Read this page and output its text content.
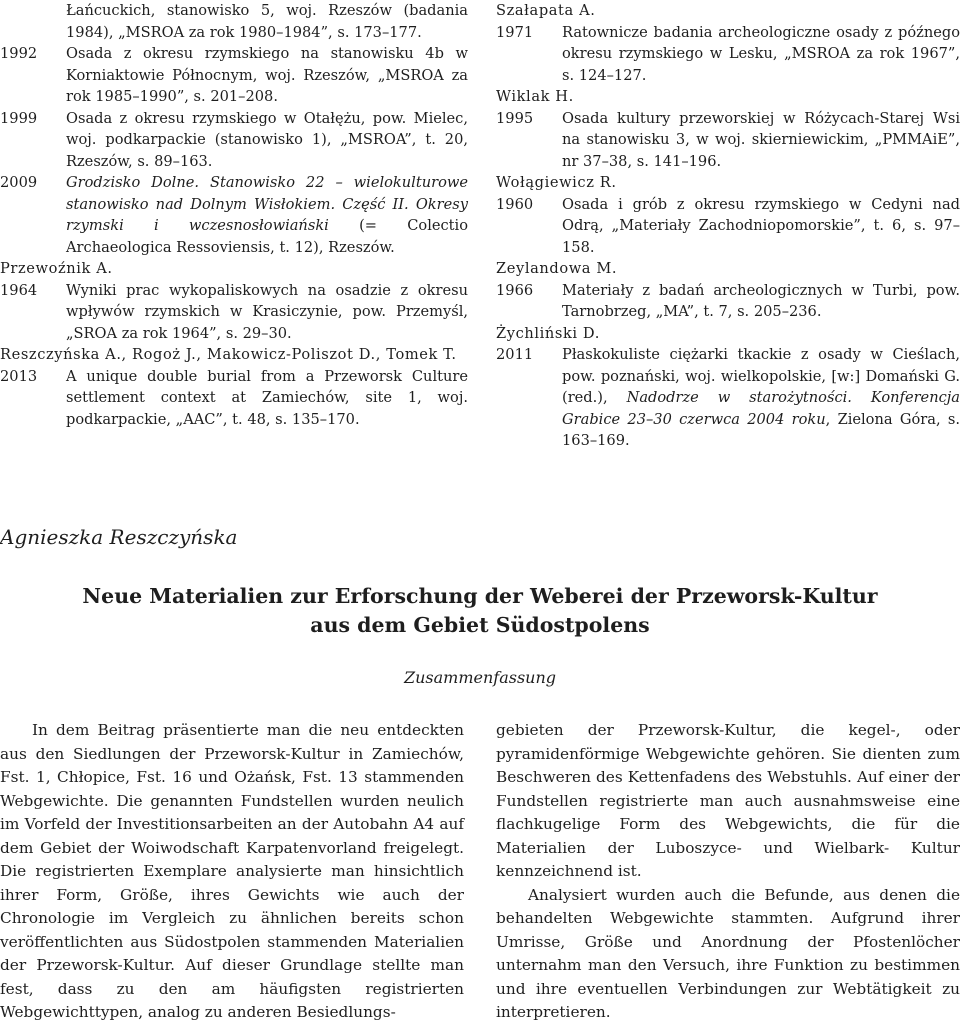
Łańcuckich, stanowisko 5, woj. Rzeszów (badania 1984), „MSROA za rok 1980–1984”, s. 173–177.
1992	Osada z okresu rzymskiego na stanowisku 4b w Korniaktowie Północnym, woj. Rzeszów, „MSROA za rok 1985–1990”, s. 201–208.
1999	Osada z okresu rzymskiego w Otałężu, pow. Mielec, woj. podkarpackie (stanowisko 1), „MSROA”, t. 20, Rzeszów, s. 89–163.
2009	Grodzisko Dolne. Stanowisko 22 – wielokulturowe stanowisko nad Dolnym Wisłokiem. Część II. Okresy rzymski i wczesnosłowiański (= Colectio Archaeologica Ressoviensis, t. 12), Rzeszów.
Przewoźnik A.
1964	Wyniki prac wykopaliskowych na osadzie z okresu wpływów rzymskich w Krasiczynie, pow. Przemyśl, „SROA za rok 1964”, s. 29–30.
Reszczyńska A., Rogoż J., Makowicz-Poliszot D., Tomek T.
2013	A unique double burial from a Przeworsk Culture settlement context at Zamiechów, site 1, woj. podkarpackie, „AAC”, t. 48, s. 135–170.
Szałapata A.
1971	Ratownicze badania archeologiczne osady z późnego okresu rzymskiego w Lesku, „MSROA za rok 1967”, s. 124–127.
Wiklak H.
1995	Osada kultury przeworskiej w Różycach-Starej Wsi na stanowisku 3, w woj. skierniewickim, „PMMAiE”, nr 37–38, s. 141–196.
Wołągiewicz R.
1960	Osada i grób z okresu rzymskiego w Cedyni nad Odrą, „Materiały Zachodniopomorskie”, t. 6, s. 97–158.
Zeylandowa M.
1966	Materiały z badań archeologicznych w Turbi, pow. Tarnobrzeg, „MA”, t. 7, s. 205–236.
Żychliński D.
2011	Płaskokuliste ciężarki tkackie z osady w Cieślach, pow. poznański, woj. wielkopolskie, [w:] Domański G. (red.), Nadodrze w starożytności. Konferencja Grabice 23–30 czerwca 2004 roku, Zielona Góra, s. 163–169.
Agnieszka Reszczyńska
Neue Materialien zur Erforschung der Weberei der Przeworsk-Kultur
aus dem Gebiet Südostpolens
Zusammenfassung

In dem Beitrag präsentierte man die neu entdeckten aus den Siedlungen der Przeworsk-Kultur in Zamiechów, Fst. 1, Chłopice, Fst. 16 und Ożańsk, Fst. 13 stammenden Webgewichte. Die genannten Fundstellen wurden neulich im Vorfeld der Investitionsarbeiten an der Autobahn A4 auf dem Gebiet der Woiwodschaft Karpatenvorland freigelegt. Die registrierten Exemplare analysierte man hinsichtlich ihrer Form, Größe, ihres Gewichts wie auch der Chronologie im Vergleich zu ähnlichen bereits schon veröffentlichten aus Südostpolen stammenden Materialien der Przeworsk-Kultur. Auf dieser Grundlage stellte man fest, dass zu den am häufigsten registrierten Webgewichttypen, analog zu anderen Besiedlungs-

gebieten der Przeworsk-Kultur, die kegel-, oder pyramidenförmige Webgewichte gehören. Sie dienten zum Beschweren des Kettenfadens des Webstuhls. Auf einer der Fundstellen registrierte man auch ausnahmsweise eine flachkugelige Form des Webgewichts, die für die Materialien der Luboszyce- und Wielbark- Kultur kennzeichnend ist.

Analysiert wurden auch die Befunde, aus denen die behandelten Webgewichte stammten. Aufgrund ihrer Umrisse, Größe und Anordnung der Pfostenlöcher unternahm man den Versuch, ihre Funktion zu bestimmen und ihre eventuellen Verbindungen zur Webtätigkeit zu interpretieren.
